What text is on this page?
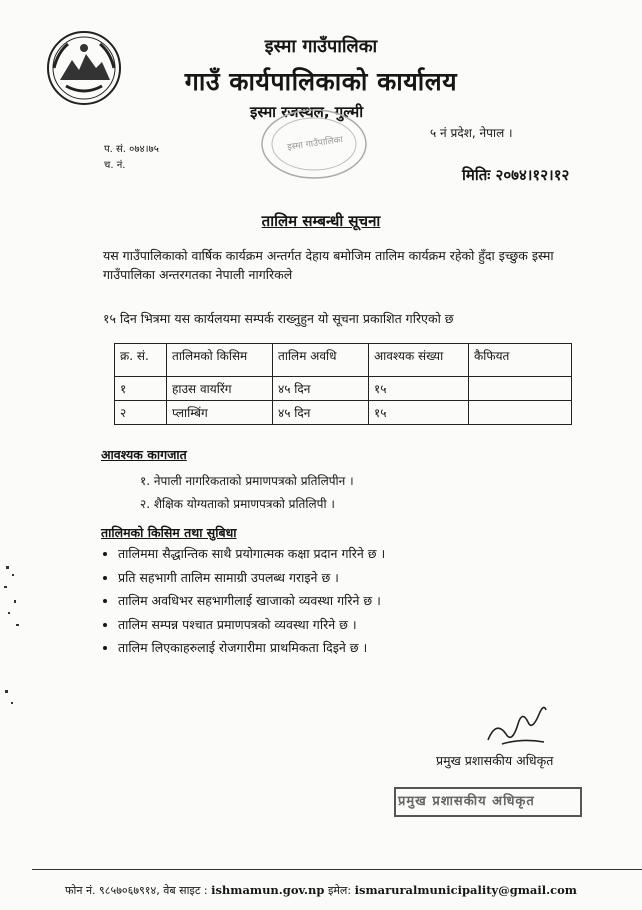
इस्मा गाउँपालिका
गाउँ कार्यपालिकाको कार्यालय
इस्मा रजस्थल, गुल्मी
इस्मा गाउँपालिका
५ नं प्रदेश, नेपाल ।
प. सं. ०७४।७५
च. नं.
मितिः २०७४।१२।१२
तालिम सम्बन्धी सूचना
यस गाउँपालिकाको वार्षिक कार्यक्रम अन्तर्गत देहाय बमोजिम तालिम कार्यक्रम रहेको हुँदा इच्छुक इस्मा गाउँपालिका अन्तरगतका नेपाली नागरिकले
१५ दिन भित्रमा यस कार्यलयमा सम्पर्क राख्नुहुन यो सूचना प्रकाशित गरिएको छ
क्र. सं.	तालिमको किसिम	तालिम अवधि	आवश्यक संख्या	कैफियत
१	हाउस वायरिंग	४५ दिन	१५	
२	प्लाम्बिंग	४५ दिन	१५	
आवश्यक कागजात
१. नेपाली नागरिकताको प्रमाणपत्रको प्रतिलिपीन ।
२. शैक्षिक योग्यताको प्रमाणपत्रको प्रतिलिपी ।
तालिमको किसिम तथा सुबिधा
• तालिममा सैद्धान्तिक साथै प्रयोगात्मक कक्षा प्रदान गरिने छ ।
• प्रति सहभागी तालिम सामाग्री उपलब्ध गराइने छ ।
• तालिम अवधिभर सहभागीलाई खाजाको व्यवस्था गरिने छ ।
• तालिम सम्पन्न पश्चात प्रमाणपत्रको व्यवस्था गरिने छ ।
• तालिम लिएकाहरुलाई रोजगारीमा प्राथमिकता दिइने छ ।
प्रमुख प्रशासकीय अधिकृत
प्रमुख प्रशासकीय अधिकृत
फोन नं. ९८५७०६७९१४, वेब साइट : ishmamun.gov.np इमेल: ismaruralmunicipality@gmail.com
